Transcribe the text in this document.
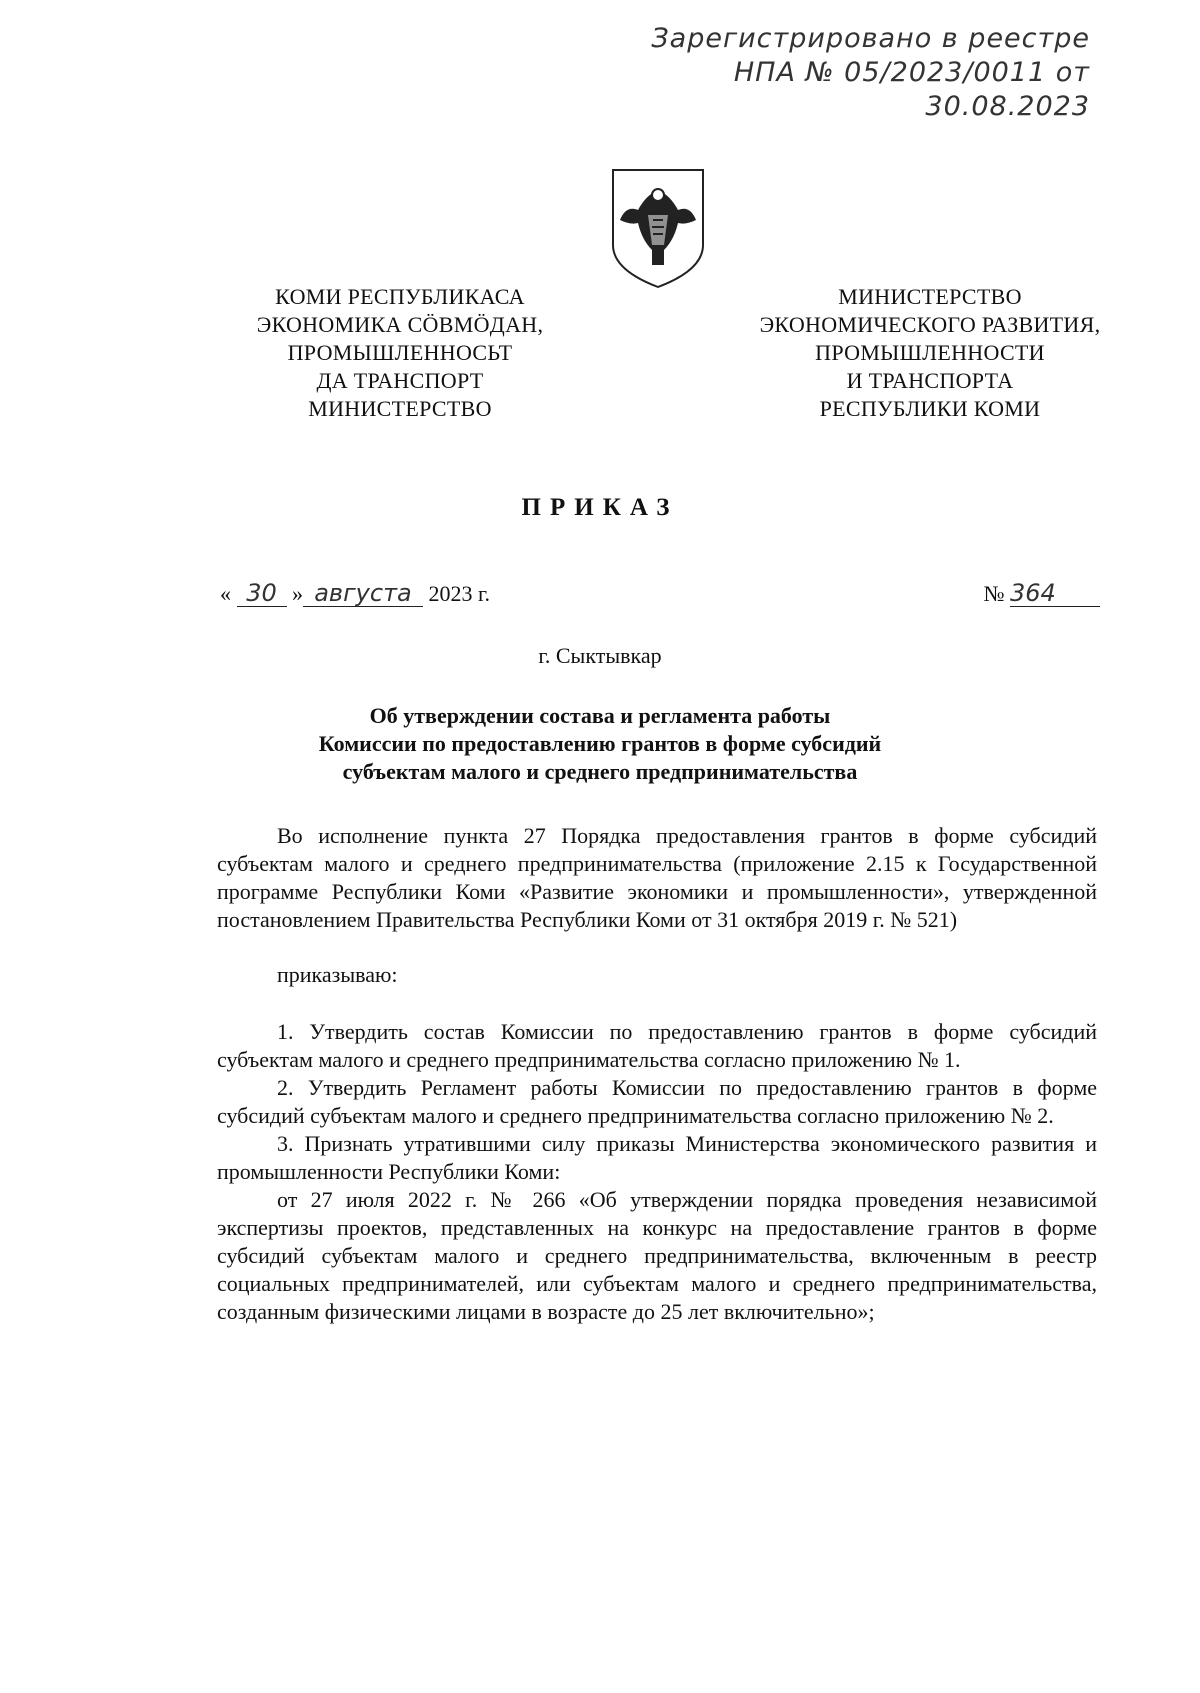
Зарегистрировано в реестре
НПА № 05/2023/0011 от 30.08.2023
КОМИ РЕСПУБЛИКАСА
ЭКОНОМИКА СӦВМӦДАН,
ПРОМЫШЛЕННОСЬТ
ДА ТРАНСПОРТ
МИНИСТЕРСТВО
МИНИСТЕРСТВО
ЭКОНОМИЧЕСКОГО РАЗВИТИЯ,
ПРОМЫШЛЕННОСТИ
И ТРАНСПОРТА
РЕСПУБЛИКИ КОМИ
ПРИКАЗ
« 30 » августа 2023 г.	№ 364
г. Сыктывкар
Об утверждении состава и регламента работы
Комиссии по предоставлению грантов в форме субсидий
субъектам малого и среднего предпринимательства

Во исполнение пункта 27 Порядка предоставления грантов в форме субсидий субъектам малого и среднего предпринимательства (приложение 2.15 к Государственной программе Республики Коми «Развитие экономики и промышленности», утвержденной постановлением Правительства Республики Коми от 31 октября 2019 г. № 521)

приказываю:

1. Утвердить состав Комиссии по предоставлению грантов в форме субсидий субъектам малого и среднего предпринимательства согласно приложению № 1.

2. Утвердить Регламент работы Комиссии по предоставлению грантов в форме субсидий субъектам малого и среднего предпринимательства согласно приложению № 2.

3. Признать утратившими силу приказы Министерства экономического развития и промышленности Республики Коми:

от 27 июля 2022 г. № 266 «Об утверждении порядка проведения независимой экспертизы проектов, представленных на конкурс на предоставление грантов в форме субсидий субъектам малого и среднего предпринимательства, включенным в реестр социальных предпринимателей, или субъектам малого и среднего предпринимательства, созданным физическими лицами в возрасте до 25 лет включительно»;
